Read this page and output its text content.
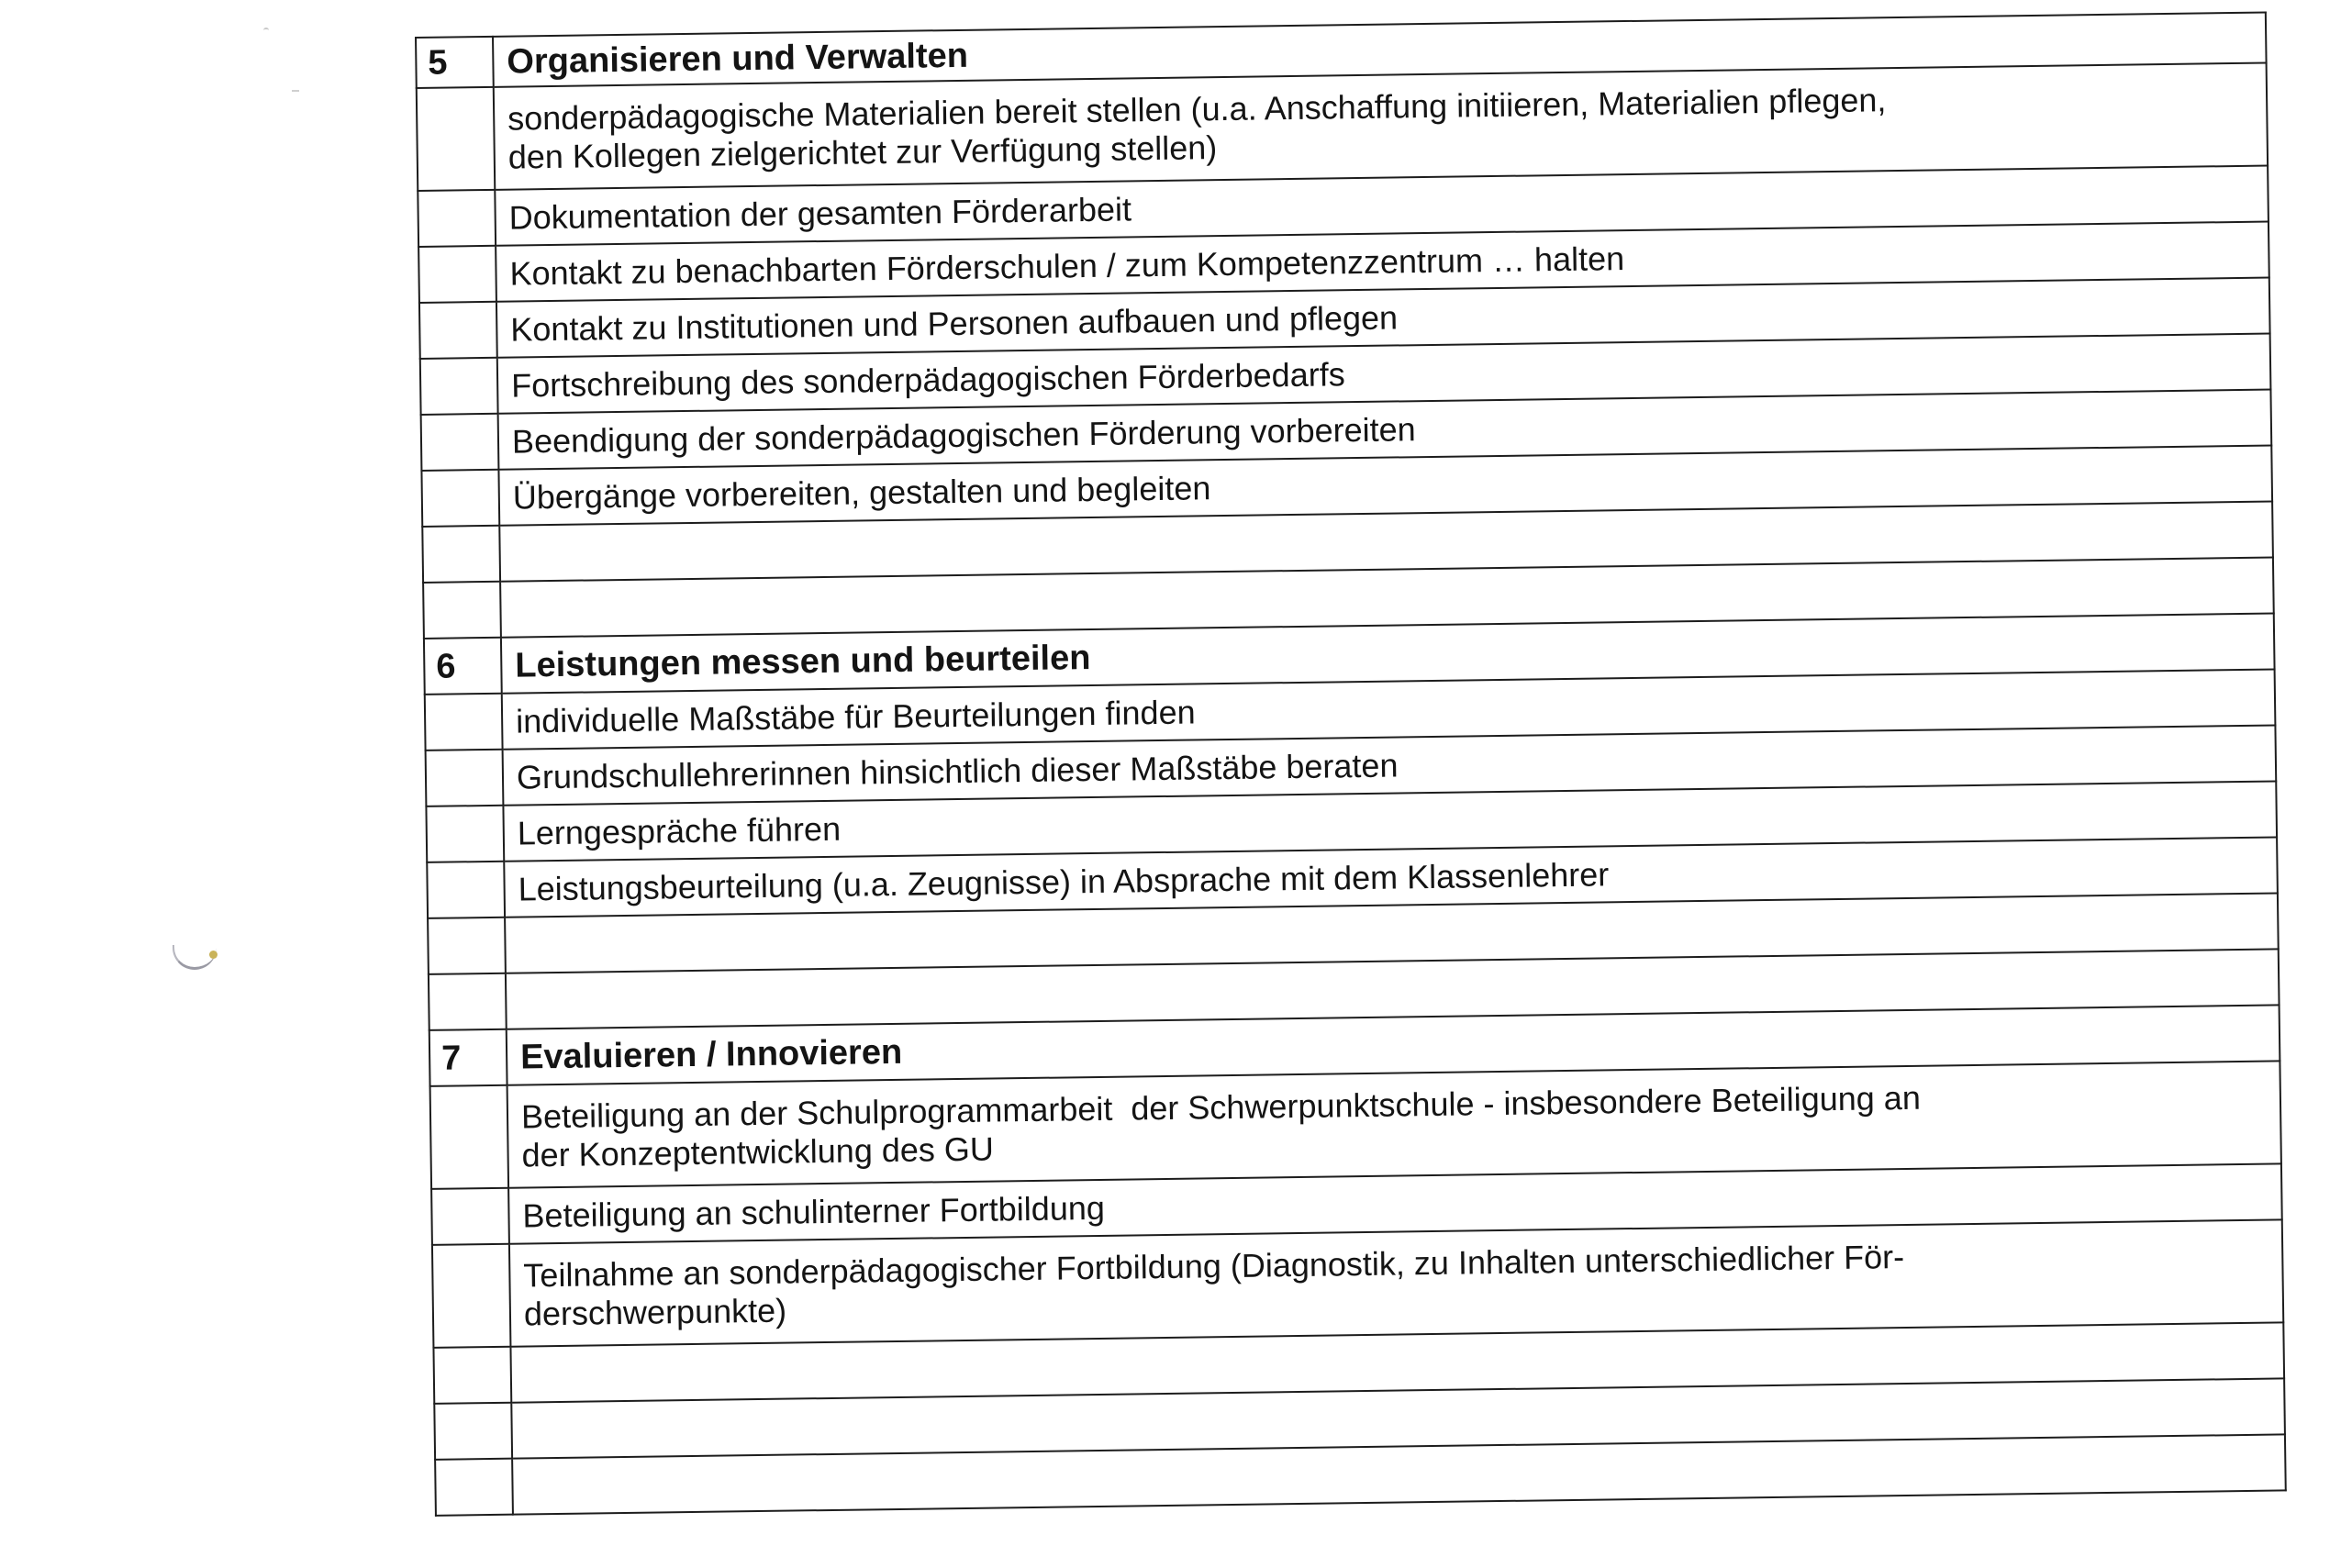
5	Organisieren und Verwalten

	sonderpädagogische Materialien bereit stellen (u.a. Anschaffung initiieren, Materialien pflegen,
den Kollegen zielgerichtet zur Verfügung stellen)

	Dokumentation der gesamten Förderarbeit

	Kontakt zu benachbarten Förderschulen / zum Kompetenzzentrum … halten

	Kontakt zu Institutionen und Personen aufbauen und pflegen

	Fortschreibung des sonderpädagogischen Förderbedarfs

	Beendigung der sonderpädagogischen Förderung vorbereiten

	Übergänge vorbereiten, gestalten und begleiten

6	Leistungen messen und beurteilen

	individuelle Maßstäbe für Beurteilungen finden

	Grundschullehrerinnen hinsichtlich dieser Maßstäbe beraten

	Lerngespräche führen

	Leistungsbeurteilung (u.a. Zeugnisse) in Absprache mit dem Klassenlehrer

7	Evaluieren / Innovieren

	Beteiligung an der Schulprogrammarbeit  der Schwerpunktschule - insbesondere Beteiligung an
der Konzeptentwicklung des GU

	Beteiligung an schulinterner Fortbildung

	Teilnahme an sonderpädagogischer Fortbildung (Diagnostik, zu Inhalten unterschiedlicher För-
derschwerpunkte)
